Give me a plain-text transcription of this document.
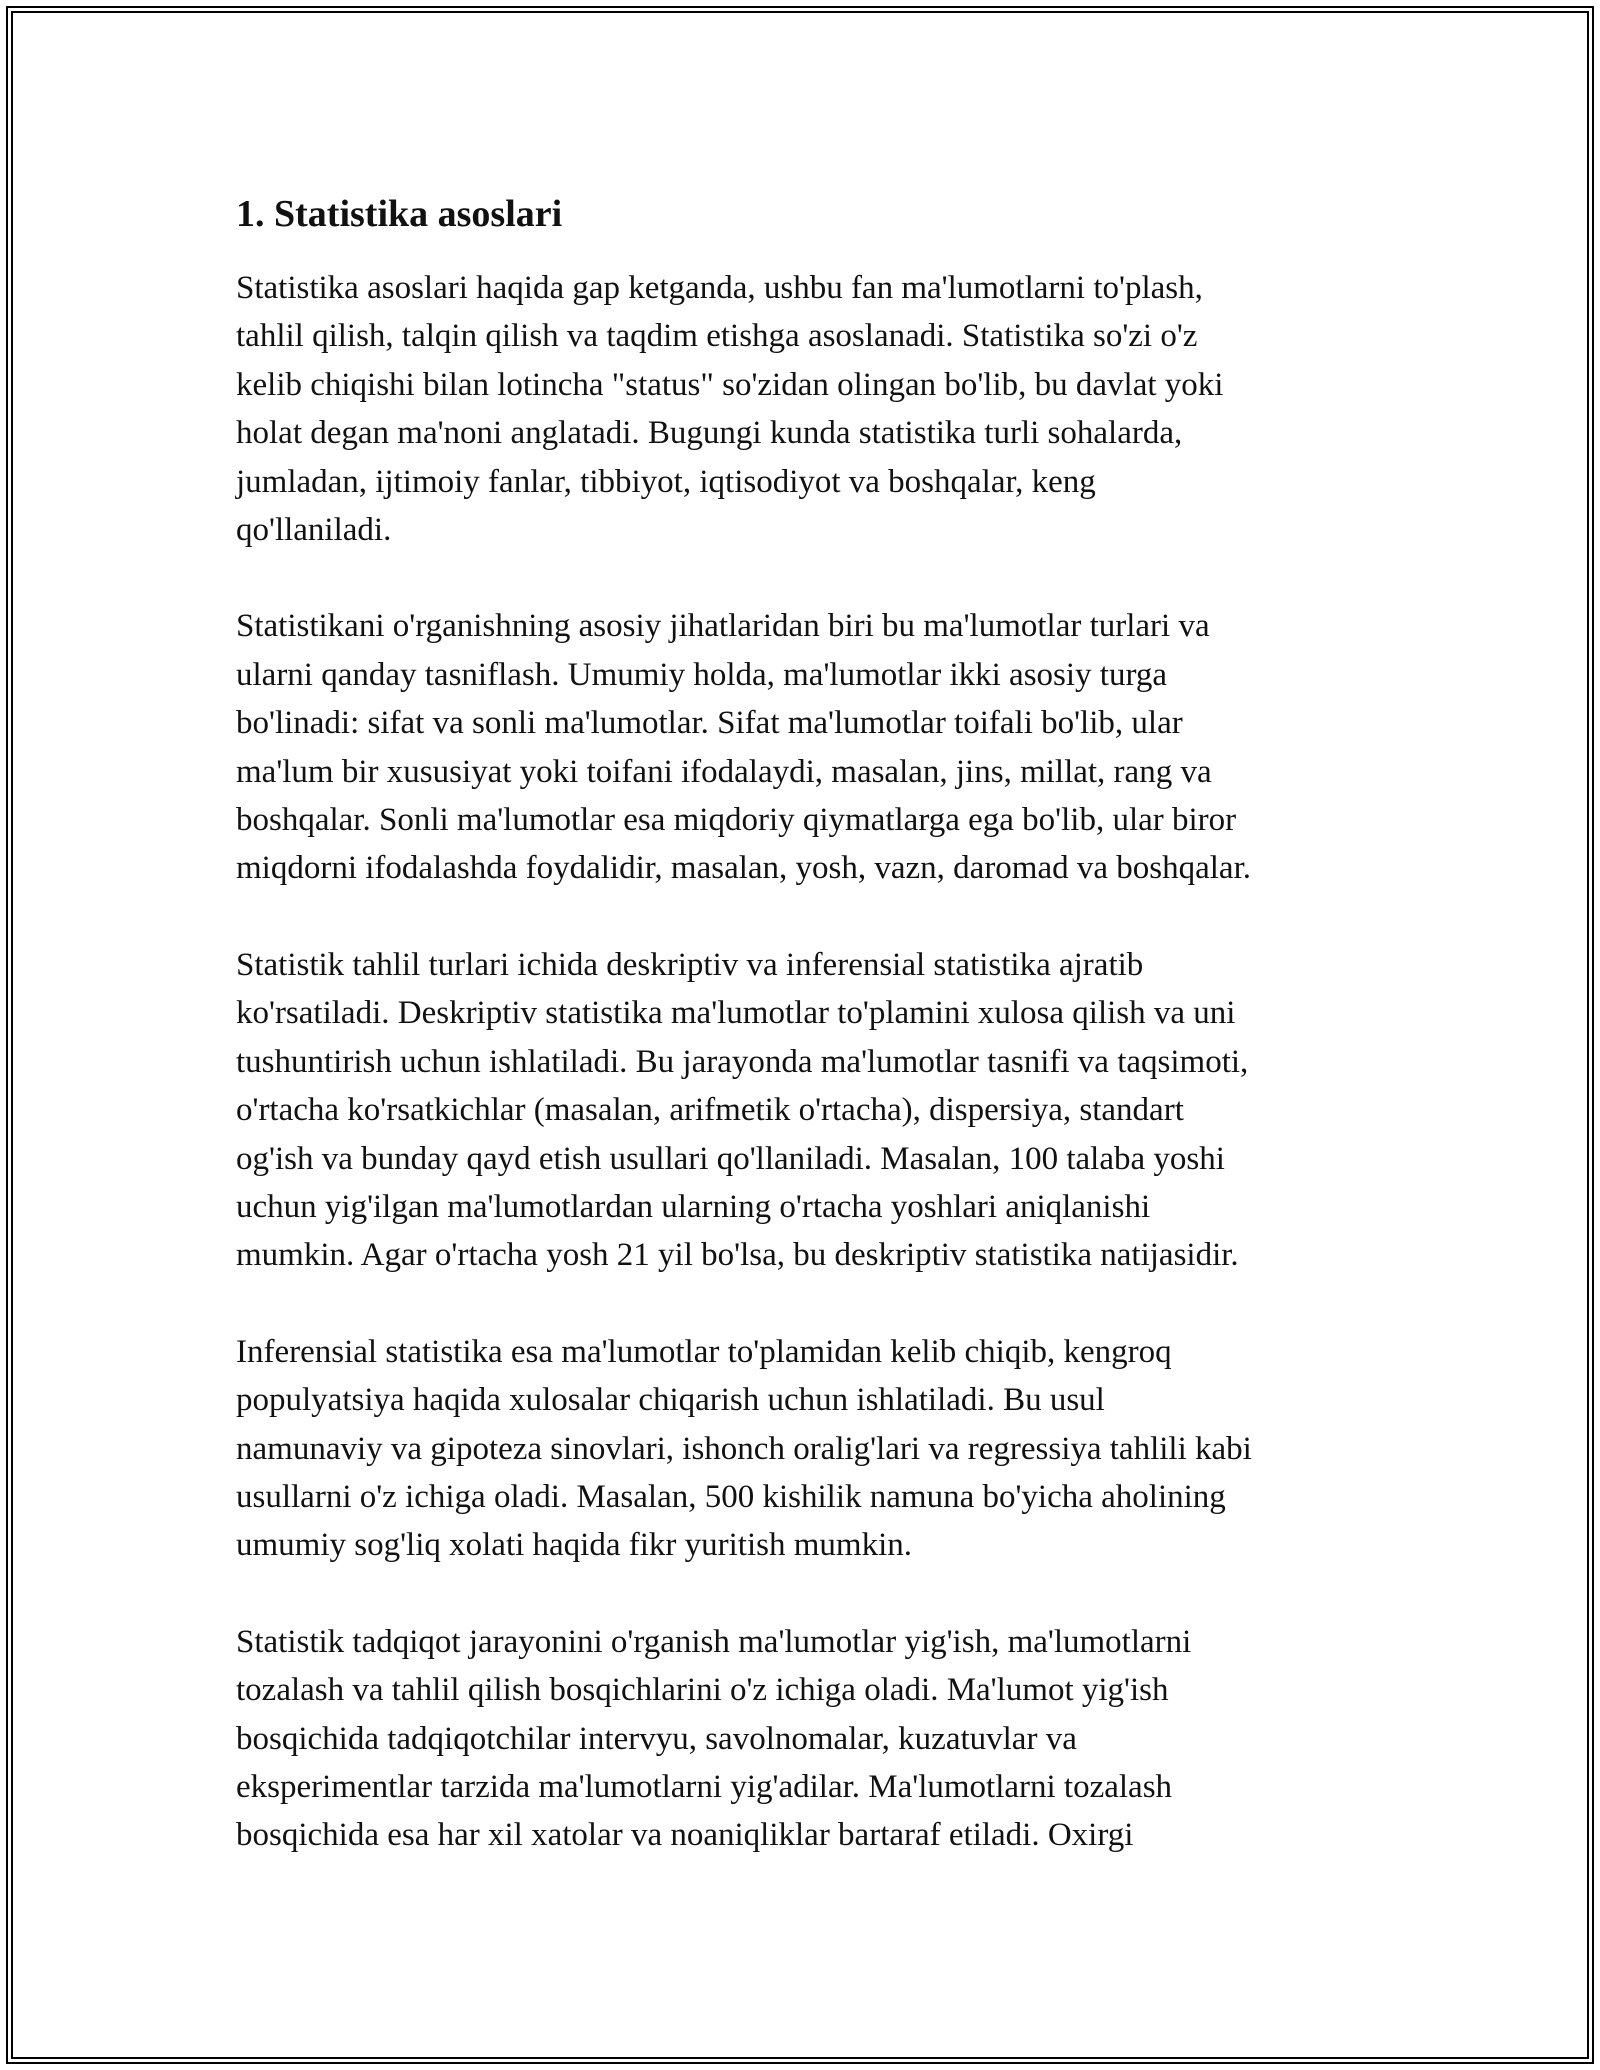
1. Statistika asoslari

Statistika asoslari haqida gap ketganda, ushbu fan ma'lumotlarni to'plash,
tahlil qilish, talqin qilish va taqdim etishga asoslanadi. Statistika so'zi o'z
kelib chiqishi bilan lotincha "status" so'zidan olingan bo'lib, bu davlat yoki
holat degan ma'noni anglatadi. Bugungi kunda statistika turli sohalarda,
jumladan, ijtimoiy fanlar, tibbiyot, iqtisodiyot va boshqalar, keng
qo'llaniladi.

Statistikani o'rganishning asosiy jihatlaridan biri bu ma'lumotlar turlari va
ularni qanday tasniflash. Umumiy holda, ma'lumotlar ikki asosiy turga
bo'linadi: sifat va sonli ma'lumotlar. Sifat ma'lumotlar toifali bo'lib, ular
ma'lum bir xususiyat yoki toifani ifodalaydi, masalan, jins, millat, rang va
boshqalar. Sonli ma'lumotlar esa miqdoriy qiymatlarga ega bo'lib, ular biror
miqdorni ifodalashda foydalidir, masalan, yosh, vazn, daromad va boshqalar.

Statistik tahlil turlari ichida deskriptiv va inferensial statistika ajratib
ko'rsatiladi. Deskriptiv statistika ma'lumotlar to'plamini xulosa qilish va uni
tushuntirish uchun ishlatiladi. Bu jarayonda ma'lumotlar tasnifi va taqsimoti,
o'rtacha ko'rsatkichlar (masalan, arifmetik o'rtacha), dispersiya, standart
og'ish va bunday qayd etish usullari qo'llaniladi. Masalan, 100 talaba yoshi
uchun yig'ilgan ma'lumotlardan ularning o'rtacha yoshlari aniqlanishi
mumkin. Agar o'rtacha yosh 21 yil bo'lsa, bu deskriptiv statistika natijasidir.

Inferensial statistika esa ma'lumotlar to'plamidan kelib chiqib, kengroq
populyatsiya haqida xulosalar chiqarish uchun ishlatiladi. Bu usul
namunaviy va gipoteza sinovlari, ishonch oralig'lari va regressiya tahlili kabi
usullarni o'z ichiga oladi. Masalan, 500 kishilik namuna bo'yicha aholining
umumiy sog'liq xolati haqida fikr yuritish mumkin.

Statistik tadqiqot jarayonini o'rganish ma'lumotlar yig'ish, ma'lumotlarni
tozalash va tahlil qilish bosqichlarini o'z ichiga oladi. Ma'lumot yig'ish
bosqichida tadqiqotchilar intervyu, savolnomalar, kuzatuvlar va
eksperimentlar tarzida ma'lumotlarni yig'adilar. Ma'lumotlarni tozalash
bosqichida esa har xil xatolar va noaniqliklar bartaraf etiladi. Oxirgi
